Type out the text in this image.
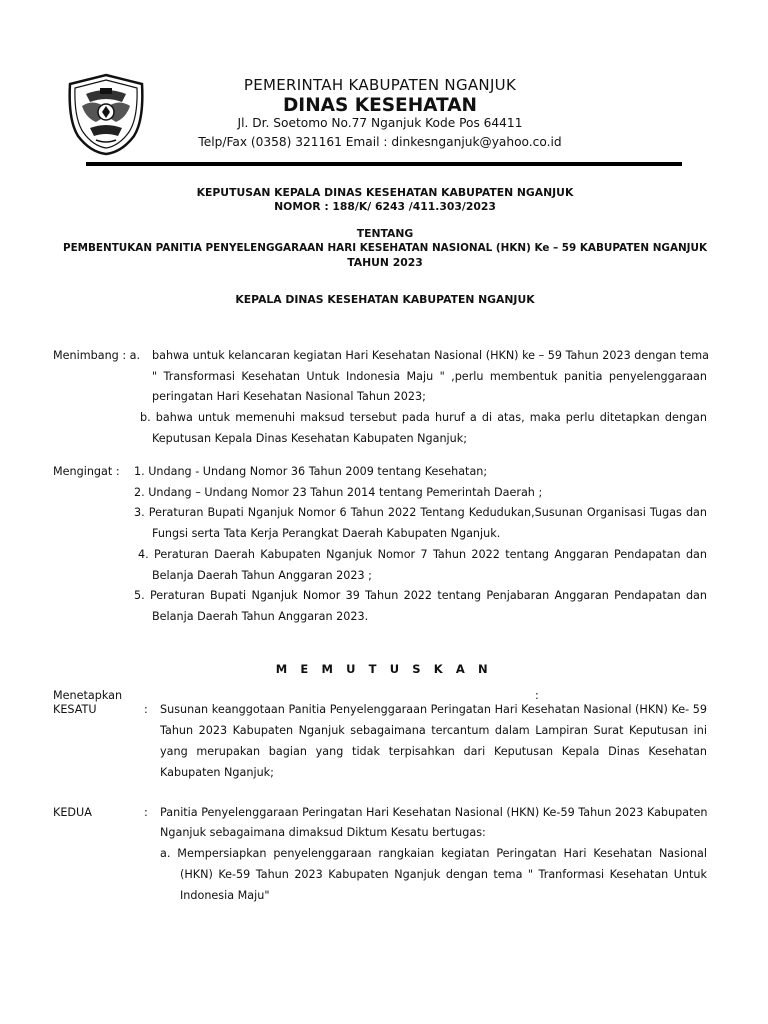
PEMERINTAH KABUPATEN NGANJUK
DINAS KESEHATAN
Jl. Dr. Soetomo No.77 Nganjuk Kode Pos 64411
Telp/Fax (0358) 321161 Email : dinkesnganjuk@yahoo.co.id
KEPUTUSAN KEPALA DINAS KESEHATAN KABUPATEN NGANJUK
NOMOR : 188/K/ 6243 /411.303/2023
TENTANG
PEMBENTUKAN PANITIA PENYELENGGARAAN HARI KESEHATAN NASIONAL (HKN) Ke – 59 KABUPATEN NGANJUK
TAHUN 2023
KEPALA DINAS KESEHATAN KABUPATEN NGANJUK
Menimbang : a. bahwa untuk kelancaran kegiatan Hari Kesehatan Nasional (HKN) ke – 59 Tahun 2023 dengan tema
" Transformasi Kesehatan Untuk Indonesia Maju " ,perlu membentuk panitia penyelenggaraan
peringatan Hari Kesehatan Nasional Tahun 2023;
b. bahwa untuk memenuhi maksud tersebut pada huruf a di atas, maka perlu ditetapkan dengan
Keputusan Kepala Dinas Kesehatan Kabupaten Nganjuk;
Mengingat : 1. Undang - Undang Nomor 36 Tahun 2009 tentang Kesehatan;
2. Undang – Undang Nomor 23 Tahun 2014 tentang Pemerintah Daerah ;
3. Peraturan Bupati Nganjuk Nomor 6 Tahun 2022 Tentang Kedudukan,Susunan Organisasi Tugas dan
Fungsi serta Tata Kerja Perangkat Daerah Kabupaten Nganjuk.
4. Peraturan Daerah Kabupaten Nganjuk Nomor 7 Tahun 2022 tentang Anggaran Pendapatan dan
Belanja Daerah Tahun Anggaran 2023 ;
5. Peraturan Bupati Nganjuk Nomor 39 Tahun 2022 tentang Penjabaran Anggaran Pendapatan dan
Belanja Daerah Tahun Anggaran 2023.
M E M U T U S K A N
Menetapkan	:
KESATU	: Susunan keanggotaan Panitia Penyelenggaraan Peringatan Hari Kesehatan Nasional (HKN) Ke- 59
Tahun 2023 Kabupaten Nganjuk sebagaimana tercantum dalam Lampiran Surat Keputusan ini
yang merupakan bagian yang tidak terpisahkan dari Keputusan Kepala Dinas Kesehatan
Kabupaten Nganjuk;
KEDUA	: Panitia Penyelenggaraan Peringatan Hari Kesehatan Nasional (HKN) Ke-59 Tahun 2023 Kabupaten
Nganjuk sebagaimana dimaksud Diktum Kesatu bertugas:
a. Mempersiapkan penyelenggaraan rangkaian kegiatan Peringatan Hari Kesehatan Nasional
(HKN) Ke-59 Tahun 2023 Kabupaten Nganjuk dengan tema " Tranformasi Kesehatan Untuk
Indonesia Maju"
